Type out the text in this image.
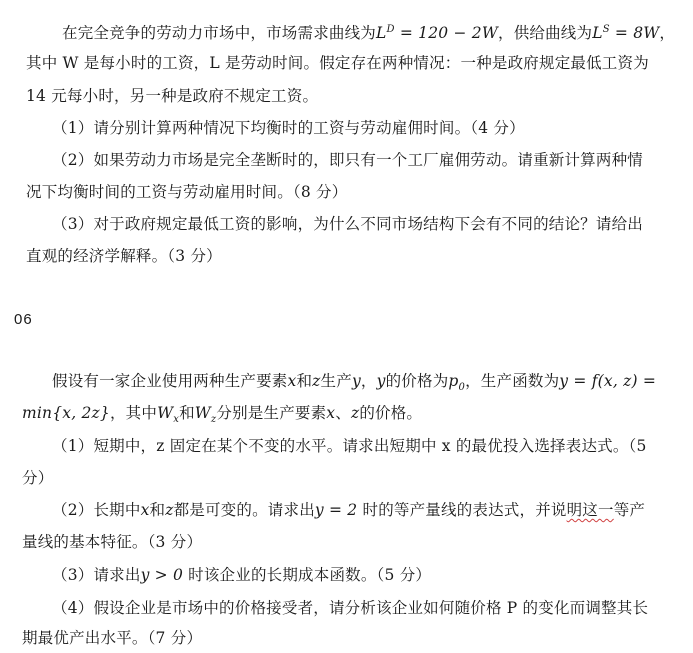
在完全竞争的劳动力市场中，市场需求曲线为$L^D = 120 - 2W$，供给曲线为$L^S = 8W$，
其中 W 是每小时的工资，L 是劳动时间。假定存在两种情况：一种是政府规定最低工资为
14 元每小时，另一种是政府不规定工资。
（1）请分别计算两种情况下均衡时的工资与劳动雇佣时间。（4 分）
（2）如果劳动力市场是完全垄断时的，即只有一个工厂雇佣劳动。请重新计算两种情
况下均衡时间的工资与劳动雇用时间。（8 分）
（3）对于政府规定最低工资的影响，为什么不同市场结构下会有不同的结论？请给出
直观的经济学解释。（3 分）
06
假设有一家企业使用两种生产要素x和z生产y，y的价格为$p_0$，生产函数为y = f(x, z) =
min{x, 2z}，其中$W_x$和$W_z$分别是生产要素x、z的价格。
（1）短期中，z 固定在某个不变的水平。请求出短期中 x 的最优投入选择表达式。（5
分）
（2）长期中x和z都是可变的。请求出y = 2 时的等产量线的表达式，并说明这一等产
量线的基本特征。（3 分）
（3）请求出y > 0 时该企业的长期成本函数。（5 分）
（4）假设企业是市场中的价格接受者，请分析该企业如何随价格 P 的变化而调整其长
期最优产出水平。（7 分）
